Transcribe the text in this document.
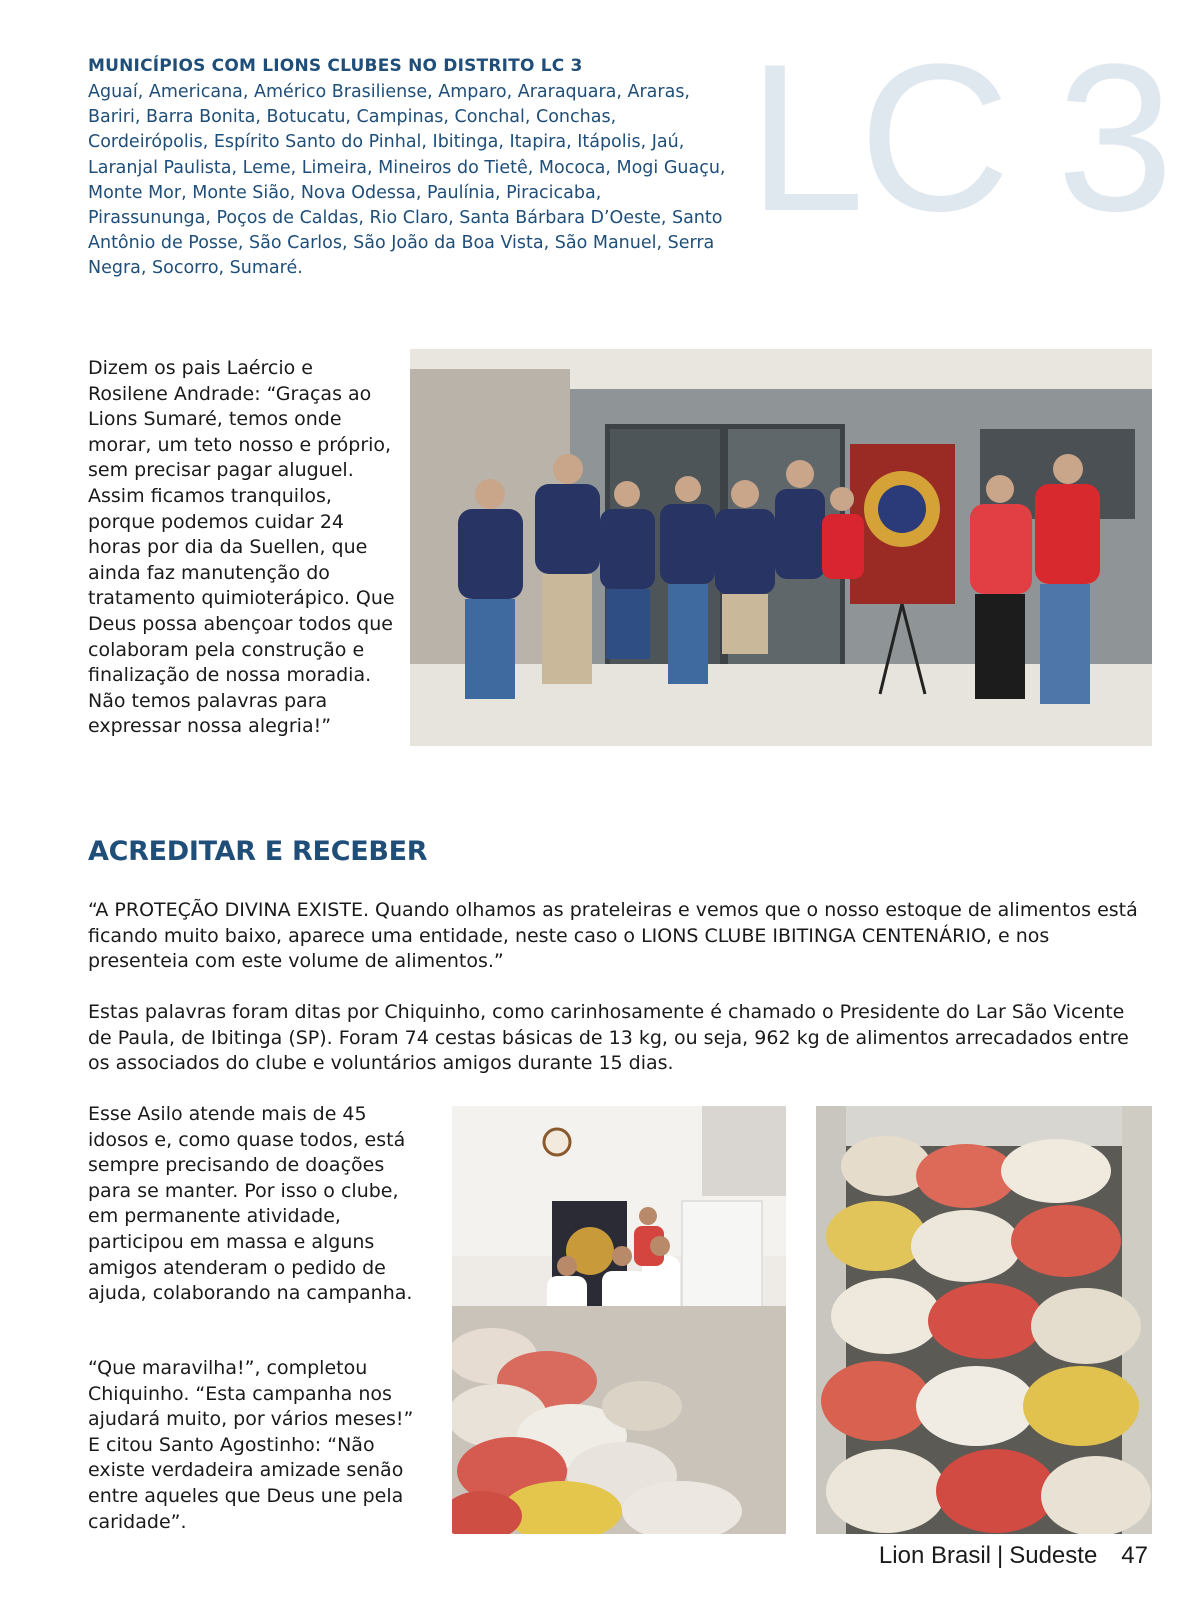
MUNICÍPIOS COM LIONS CLUBES NO DISTRITO LC 3
Aguaí, Americana, Américo Brasiliense, Amparo, Araraquara, Araras, Bariri, Barra Bonita, Botucatu, Campinas, Conchal, Conchas, Cordeirópolis, Espírito Santo do Pinhal, Ibitinga, Itapira, Itápolis, Jaú, Laranjal Paulista, Leme, Limeira, Mineiros do Tietê, Mococa, Mogi Guaçu, Monte Mor, Monte Sião, Nova Odessa, Paulínia, Piracicaba, Pirassununga, Poços de Caldas, Rio Claro, Santa Bárbara D’Oeste, Santo Antônio de Posse, São Carlos, São João da Boa Vista, São Manuel, Serra Negra, Socorro, Sumaré.
LC 3
Dizem os pais Laércio e Rosilene Andrade: “Graças ao Lions Sumaré, temos onde morar, um teto nosso e próprio, sem precisar pagar aluguel. Assim ficamos tranquilos, porque podemos cuidar 24 horas por dia da Suellen, que ainda faz manutenção do tratamento quimioterápico. Que Deus possa abençoar todos que colaboram pela construção e finalização de nossa moradia. Não temos palavras para expressar nossa alegria!”
ACREDITAR E RECEBER
“A PROTEÇÃO DIVINA EXISTE. Quando olhamos as prateleiras e vemos que o nosso estoque de alimentos está ficando muito baixo, aparece uma entidade, neste caso o LIONS CLUBE IBITINGA CENTENÁRIO, e nos presenteia com este volume de alimentos.”
Estas palavras foram ditas por Chiquinho, como carinhosamente é chamado o Presidente do Lar São Vicente de Paula, de Ibitinga (SP). Foram 74 cestas básicas de 13 kg, ou seja, 962 kg de alimentos arrecadados entre os associados do clube e voluntários amigos durante 15 dias.
Esse Asilo atende mais de 45 idosos e, como quase todos, está sempre precisando de doações para se manter. Por isso o clube, em permanente atividade, participou em massa e alguns amigos atenderam o pedido de ajuda, colaborando na campanha.
“Que maravilha!”, completou Chiquinho. “Esta campanha nos ajudará muito, por vários meses!” E citou Santo Agostinho: “Não existe verdadeira amizade senão entre aqueles que Deus une pela caridade”.
Lion Brasil | Sudeste 47
